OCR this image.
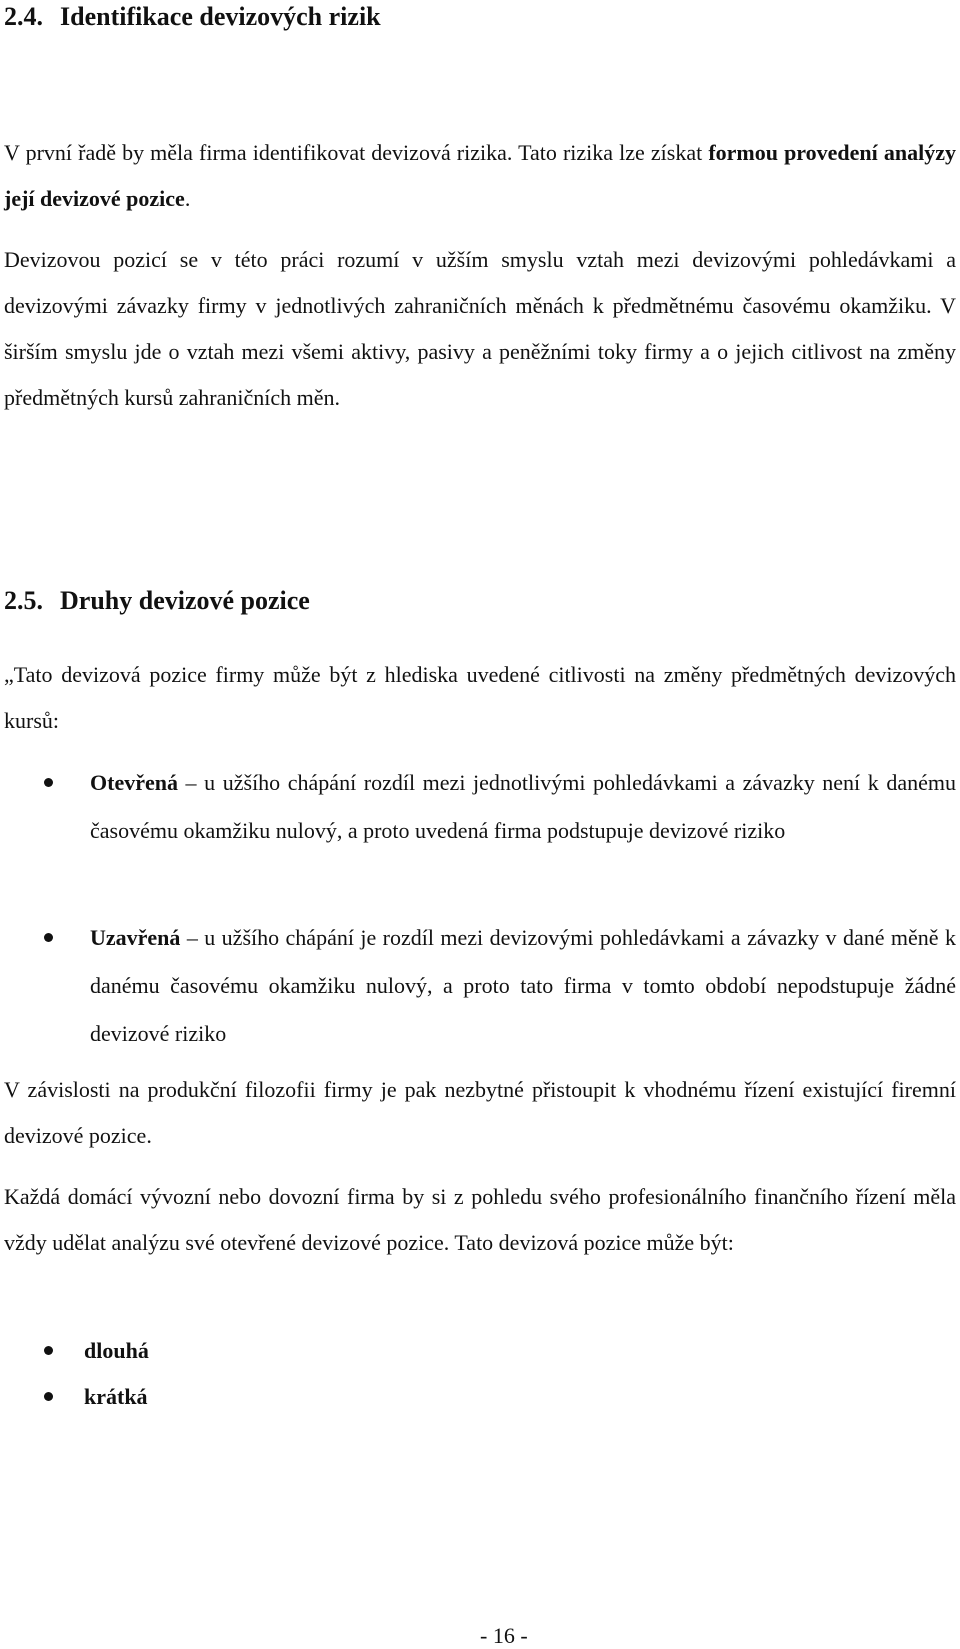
2.4. Identifikace devizových rizik

V první řadě by měla firma identifikovat devizová rizika. Tato rizika lze získat formou provedení analýzy její devizové pozice.

Devizovou pozicí se v této práci rozumí v užším smyslu vztah mezi devizovými pohledávkami a devizovými závazky firmy v jednotlivých zahraničních měnách k předmětnému časovému okamžiku. V širším smyslu jde o vztah mezi všemi aktivy, pasivy a peněžními toky firmy a o jejich citlivost na změny předmětných kursů zahraničních měn.

2.5. Druhy devizové pozice

„Tato devizová pozice firmy může být z hlediska uvedené citlivosti na změny předmětných devizových kursů:

Otevřená – u užšího chápání rozdíl mezi jednotlivými pohledávkami a závazky není k danému časovému okamžiku nulový, a proto uvedená firma podstupuje devizové riziko

Uzavřená – u užšího chápání je rozdíl mezi devizovými pohledávkami a závazky v dané měně k danému časovému okamžiku nulový, a proto tato firma v tomto období nepodstupuje žádné devizové riziko

V závislosti na produkční filozofii firmy je pak nezbytné přistoupit k vhodnému řízení existující firemní devizové pozice.

Každá domácí vývozní nebo dovozní firma by si z pohledu svého profesionálního finančního řízení měla vždy udělat analýzu své otevřené devizové pozice. Tato devizová pozice může být:

dlouhá
krátká
- 16 -
